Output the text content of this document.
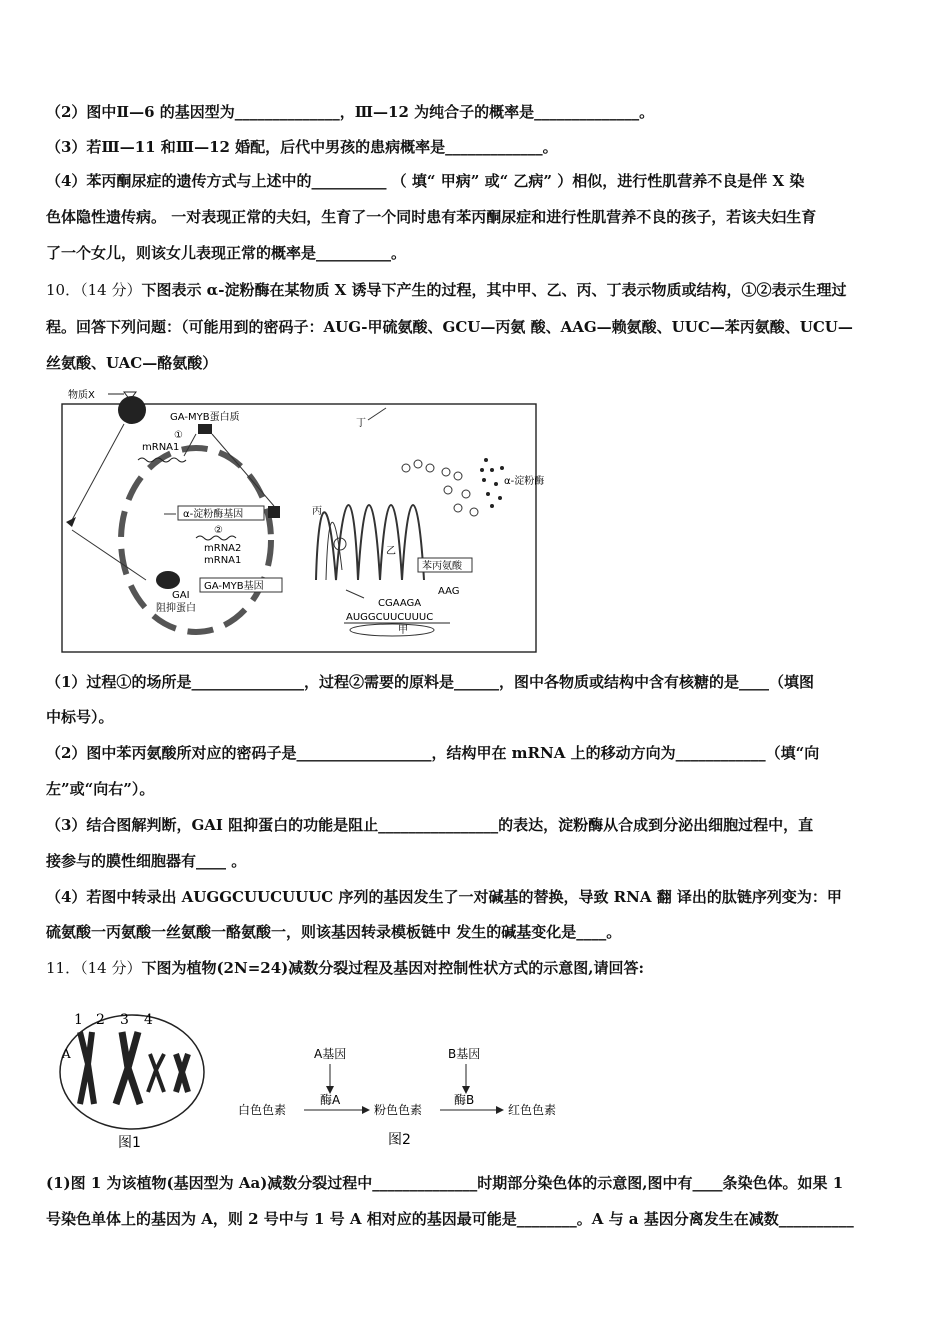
（2）图中Ⅱ—6 的基因型为______________，Ⅲ—12 为纯合子的概率是______________。
（3）若Ⅲ—11 和Ⅲ—12 婚配，后代中男孩的患病概率是_____________。
（4）苯丙酮尿症的遗传方式与上述中的__________ （ 填“ 甲病” 或“ 乙病” ）相似，进行性肌营养不良是伴 X 染
色体隐性遗传病。 一对表现正常的夫妇，生育了一个同时患有苯丙酮尿症和进行性肌营养不良的孩子，若该夫妇生育
了一个女儿，则该女儿表现正常的概率是__________。
10．（14 分）下图表示 α-淀粉酶在某物质 X 诱导下产生的过程，其中甲、乙、丙、丁表示物质或结构，①②表示生理过
程。回答下列问题：（可能用到的密码子：AUG-甲硫氨酸、GCU—丙氨 酸、AAG—赖氨酸、UUC—苯丙氨酸、UCU—
丝氨酸、UAC—酪氨酸）
物质X
GA-MYB蛋白质
①
mRNA1
丁
α-淀粉酶基因
②
mRNA2
mRNA1
GA-MYB基因
GAI
阻抑蛋白
丙
乙
α-淀粉酶
苯丙氨酸
AAG
CGAAGA
AUGGCUUCUUUC
甲
（1）过程①的场所是_______________，过程②需要的原料是______，图中各物质或结构中含有核糖的是____（填图
中标号）。
（2）图中苯丙氨酸所对应的密码子是__________________，结构甲在 mRNA 上的移动方向为____________（填“向
左”或“向右”）。
（3）结合图解判断，GAI 阻抑蛋白的功能是阻止________________的表达，淀粉酶从合成到分泌出细胞过程中，直
接参与的膜性细胞器有____ 。
（4）若图中转录出 AUGGCUUCUUUC 序列的基因发生了一对碱基的替换，导致 RNA 翻 译出的肽链序列变为：甲
硫氨酸一丙氨酸一丝氨酸一酪氨酸一，则该基因转录模板链中 发生的碱基变化是____。
11．（14 分）下图为植物(2N=24)减数分裂过程及基因对控制性状方式的示意图,请回答:
1 2 3 4
A
图1
A基因	B基因
白色色素
酶A
粉色色素
酶B
红色色素
图2
(1)图 1 为该植物(基因型为 Aa)减数分裂过程中______________时期部分染色体的示意图,图中有____条染色体。如果 1
号染色单体上的基因为 A，则 2 号中与 1 号 A 相对应的基因最可能是________。A 与 a 基因分离发生在减数__________
